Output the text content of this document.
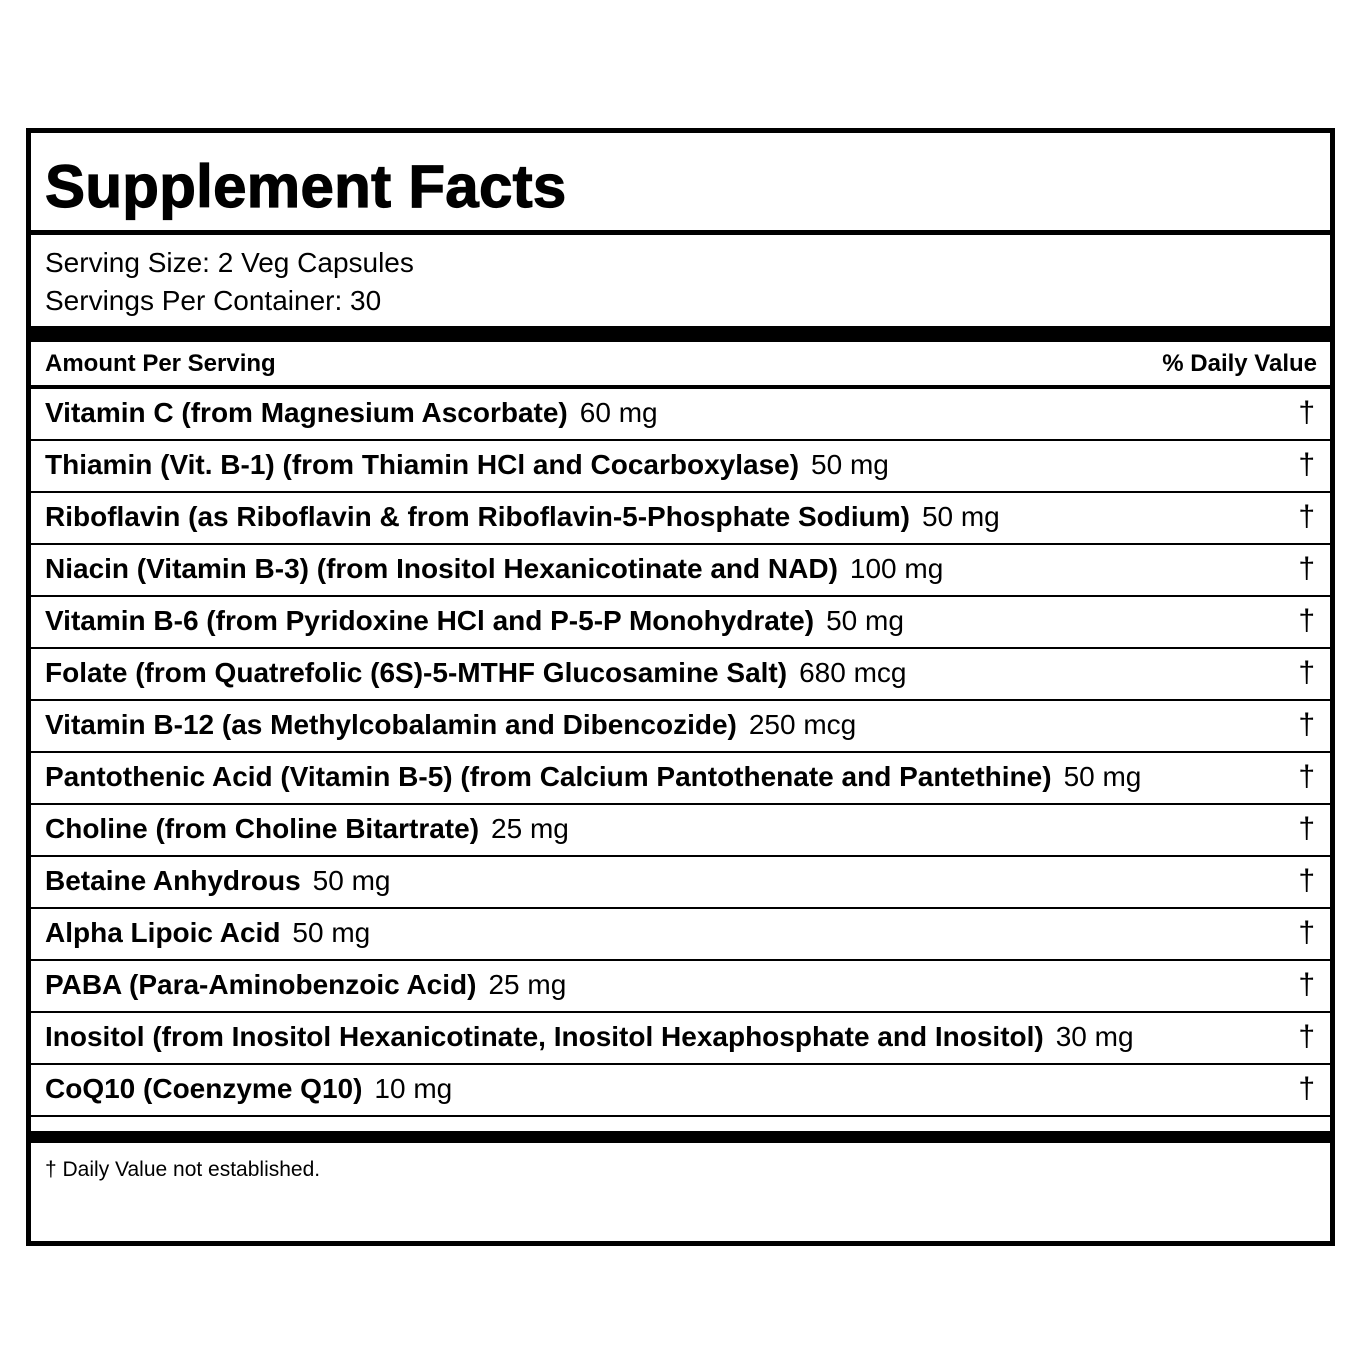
Supplement Facts
Serving Size: 2 Veg Capsules
Servings Per Container: 30
Amount Per Serving	% Daily Value
Vitamin C (from Magnesium Ascorbate) 60 mg	†
Thiamin (Vit. B-1) (from Thiamin HCl and Cocarboxylase) 50 mg	†
Riboflavin (as Riboflavin & from Riboflavin-5-Phosphate Sodium) 50 mg	†
Niacin (Vitamin B-3) (from Inositol Hexanicotinate and NAD) 100 mg	†
Vitamin B-6 (from Pyridoxine HCl and P-5-P Monohydrate) 50 mg	†
Folate (from Quatrefolic (6S)-5-MTHF Glucosamine Salt) 680 mcg	†
Vitamin B-12 (as Methylcobalamin and Dibencozide) 250 mcg	†
Pantothenic Acid (Vitamin B-5) (from Calcium Pantothenate and Pantethine) 50 mg	†
Choline (from Choline Bitartrate) 25 mg	†
Betaine Anhydrous 50 mg	†
Alpha Lipoic Acid 50 mg	†
PABA (Para-Aminobenzoic Acid) 25 mg	†
Inositol (from Inositol Hexanicotinate, Inositol Hexaphosphate and Inositol) 30 mg	†
CoQ10 (Coenzyme Q10) 10 mg	†
† Daily Value not established.
